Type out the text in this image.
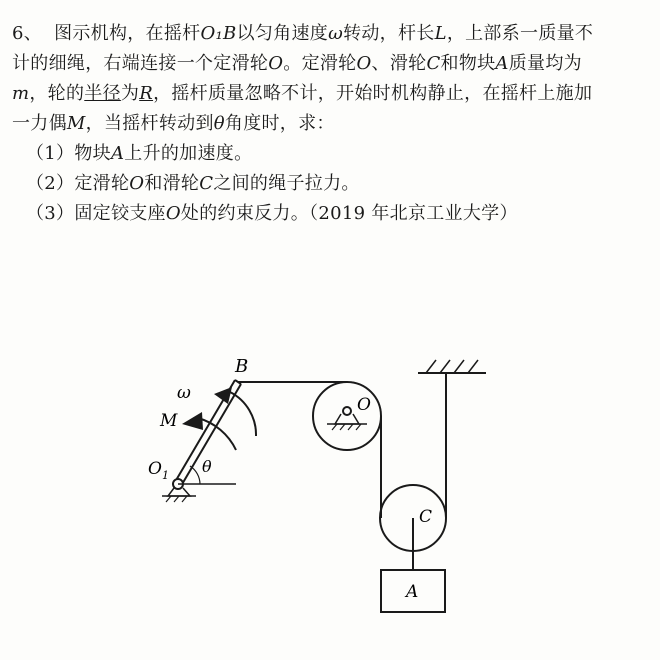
6、 图示机构，在摇杆O₁B以匀角速度ω转动，杆长L，上部系一质量不
计的细绳，右端连接一个定滑轮O。定滑轮O、滑轮C和物块A质量均为
m，轮的半径为R，摇杆质量忽略不计，开始时机构静止，在摇杆上施加
一力偶M，当摇杆转动到θ角度时，求：
（1）物块A上升的加速度。
（2）定滑轮O和滑轮C之间的绳子拉力。
（3）固定铰支座O处的约束反力。（2019 年北京工业大学）
B
ω
M
$O_1$ θ
O
C
A
